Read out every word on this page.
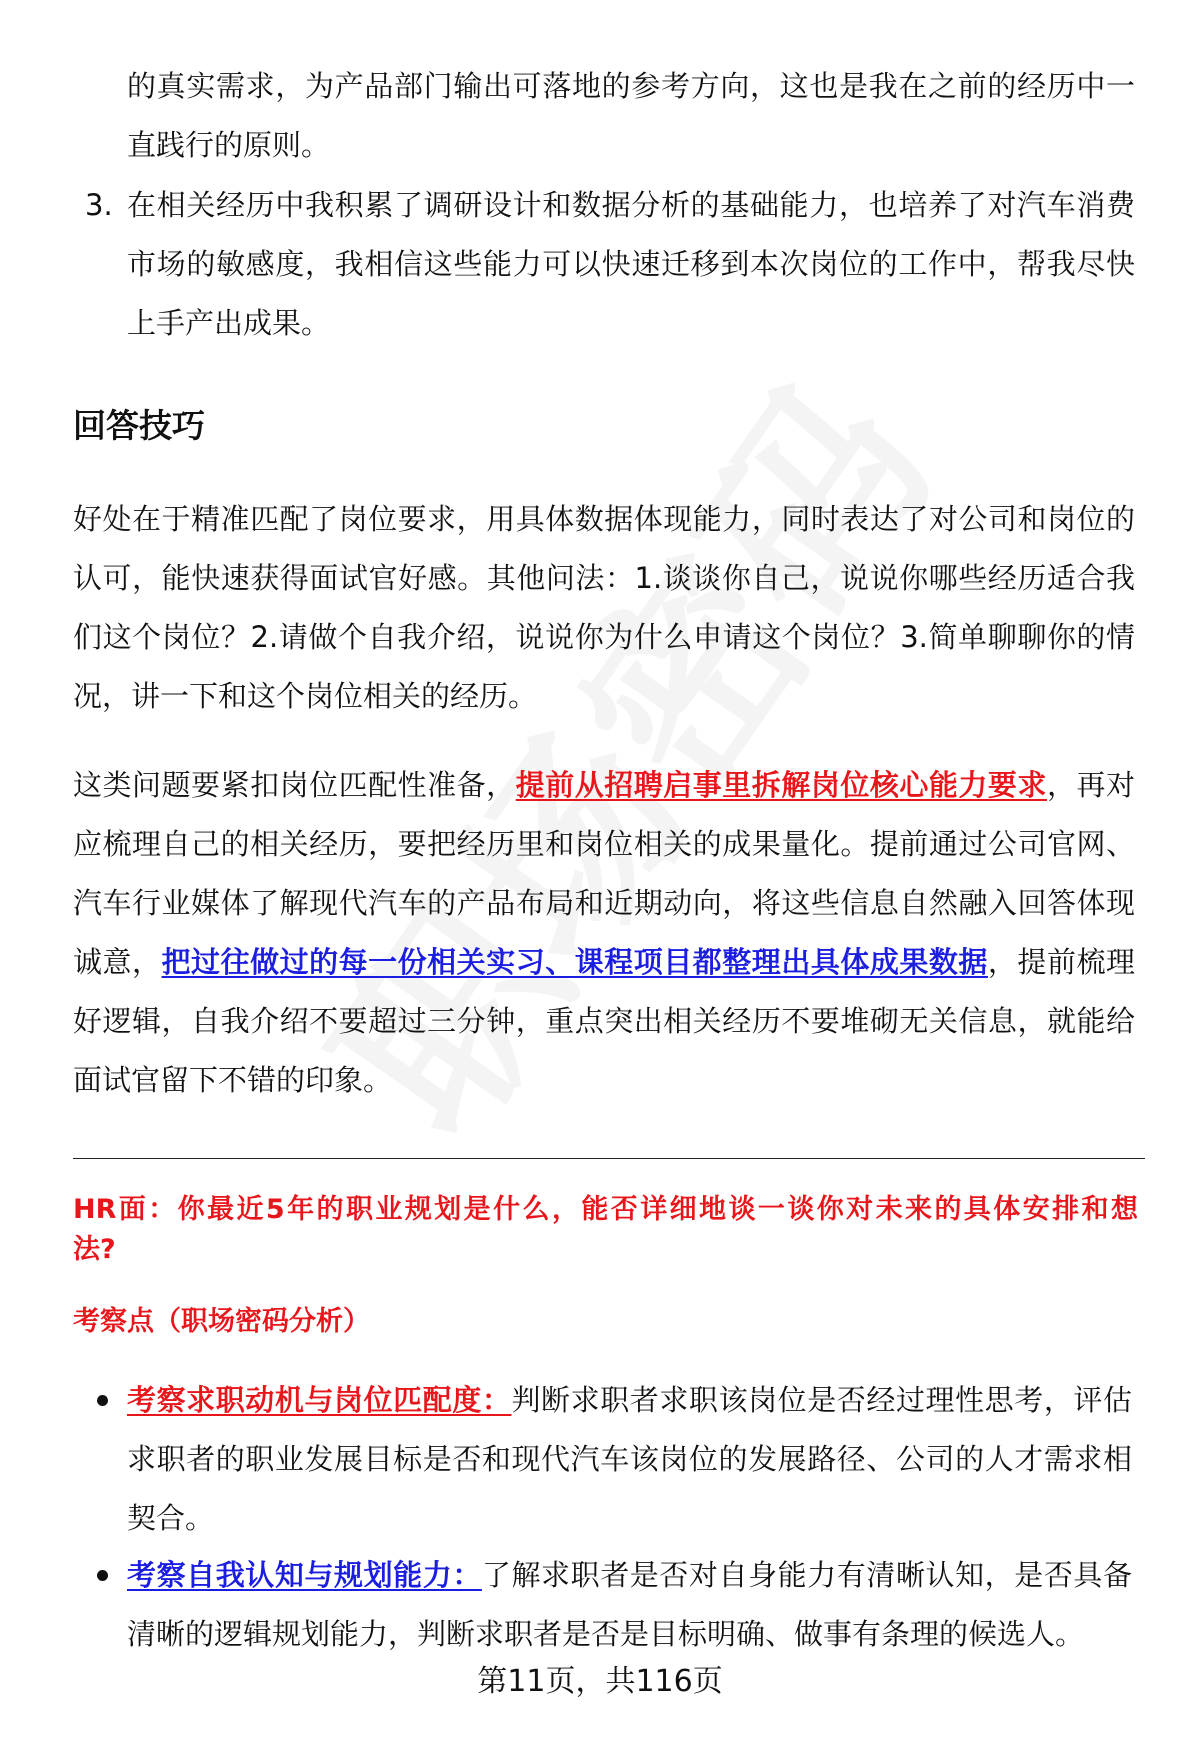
的真实需求，为产品部门输出可落地的参考方向，这也是我在之前的经历中一
直践行的原则。
3. 在相关经历中我积累了调研设计和数据分析的基础能力，也培养了对汽车消费
市场的敏感度，我相信这些能力可以快速迁移到本次岗位的工作中，帮我尽快
上手产出成果。
回答技巧
好处在于精准匹配了岗位要求，用具体数据体现能力，同时表达了对公司和岗位的
认可，能快速获得面试官好感。其他问法：1.谈谈你自己，说说你哪些经历适合我
们这个岗位？2.请做个自我介绍，说说你为什么申请这个岗位？3.简单聊聊你的情
况，讲一下和这个岗位相关的经历。
这类问题要紧扣岗位匹配性准备，提前从招聘启事里拆解岗位核心能力要求，再对
应梳理自己的相关经历，要把经历里和岗位相关的成果量化。提前通过公司官网、
汽车行业媒体了解现代汽车的产品布局和近期动向，将这些信息自然融入回答体现
诚意，把过往做过的每一份相关实习、课程项目都整理出具体成果数据，提前梳理
好逻辑，自我介绍不要超过三分钟，重点突出相关经历不要堆砌无关信息，就能给
面试官留下不错的印象。
HR面：你最近5年的职业规划是什么，能否详细地谈一谈你对未来的具体安排和想
法?
考察点（职场密码分析）
考察求职动机与岗位匹配度：判断求职者求职该岗位是否经过理性思考，评估
求职者的职业发展目标是否和现代汽车该岗位的发展路径、公司的人才需求相
契合。
考察自我认知与规划能力：了解求职者是否对自身能力有清晰认知，是否具备
清晰的逻辑规划能力，判断求职者是否是目标明确、做事有条理的候选人。
第11页，共116页
